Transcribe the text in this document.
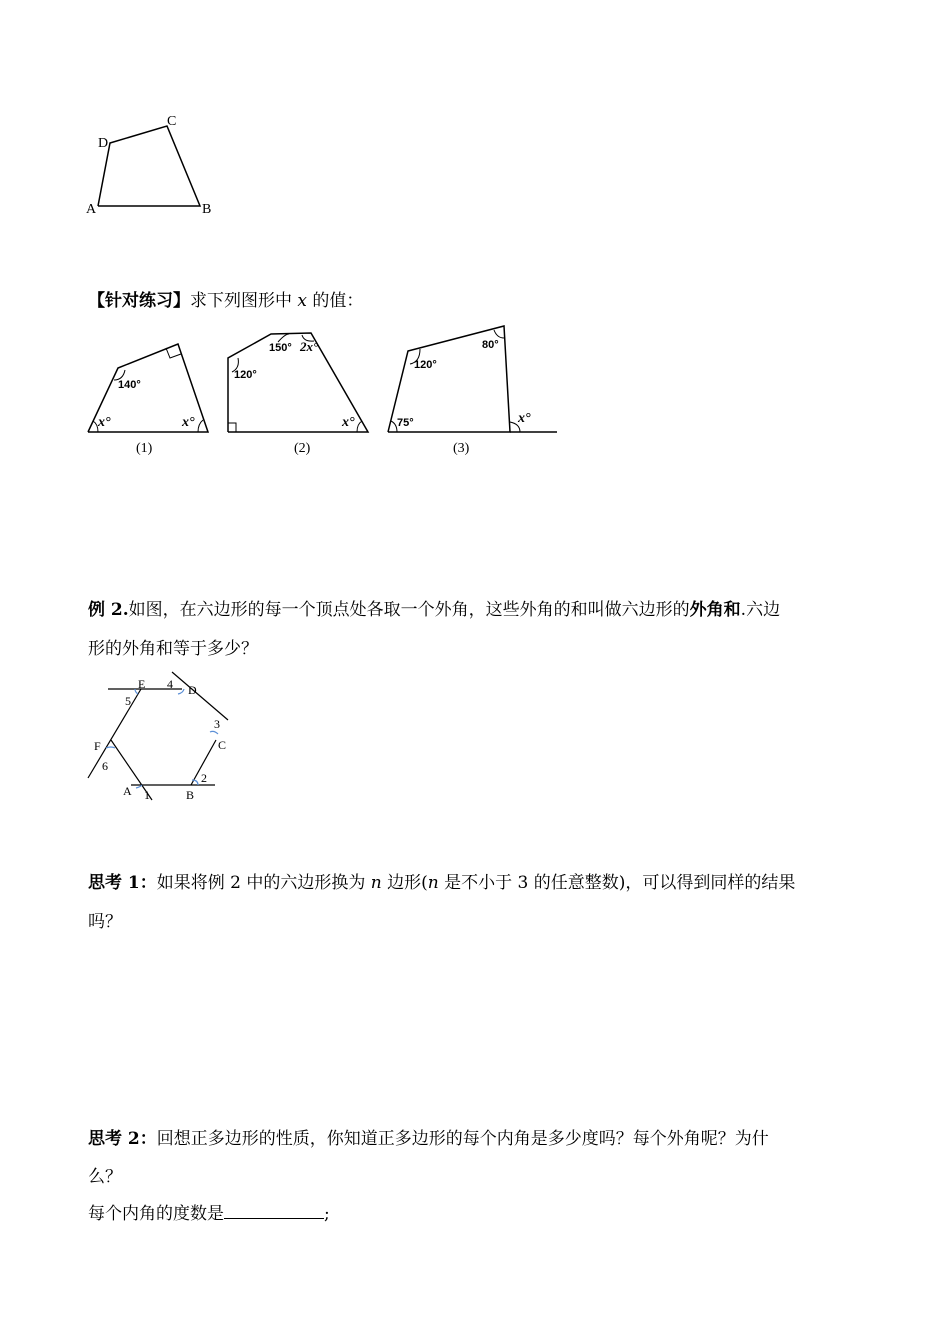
A	B
C
D
【针对练习】求下列图形中 x 的值：
140°
x°	x°
(1)
120°
150° 2x°
x°
(2)
120°
80°
75°	x°
(3)
例 2.如图，在六边形的每一个顶点处各取一个外角，这些外角的和叫做六边形的外角和.六边
形的外角和等于多少？
E	D
C
B
A
F
4
5
3
2
1
6
思考 1：如果将例 2 中的六边形换为 n 边形(n 是不小于 3 的任意整数)，可以得到同样的结果
吗？
思考 2：回想正多边形的性质，你知道正多边形的每个内角是多少度吗？每个外角呢？为什
么？
每个内角的度数是	;
